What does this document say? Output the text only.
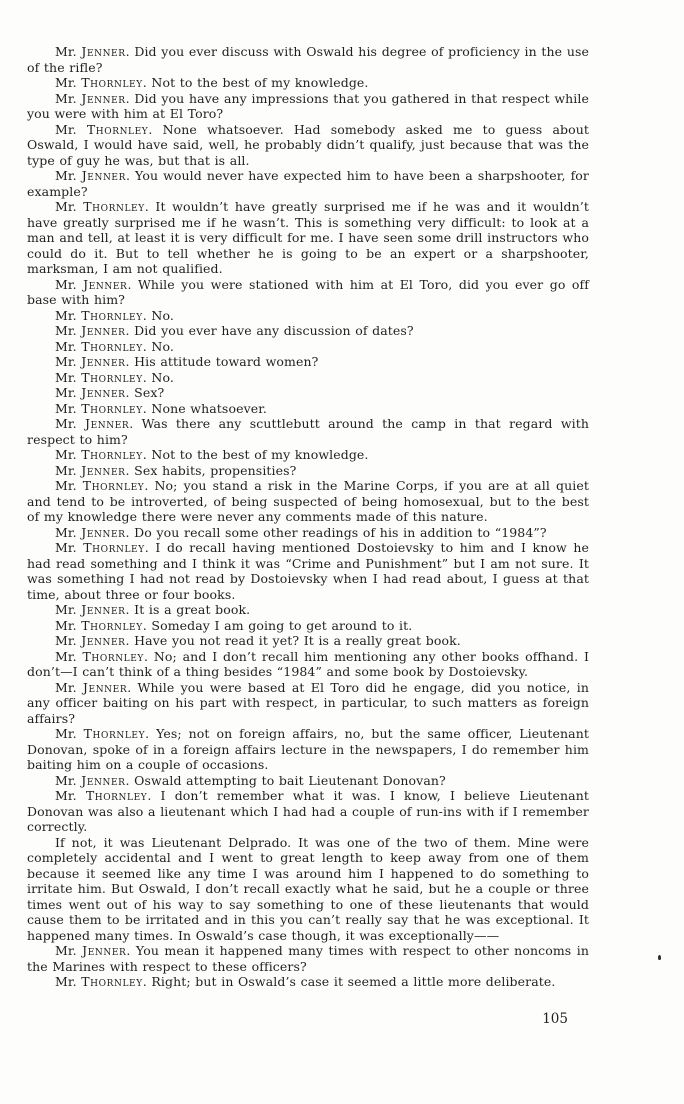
Mr. Jenner. Did you ever discuss with Oswald his degree of proficiency in the use of the rifle?

Mr. Thornley. Not to the best of my knowledge.

Mr. Jenner. Did you have any impressions that you gathered in that respect while you were with him at El Toro?

Mr. Thornley. None whatsoever. Had somebody asked me to guess about Oswald, I would have said, well, he probably didn’t qualify, just because that was the type of guy he was, but that is all.

Mr. Jenner. You would never have expected him to have been a sharpshooter, for example?

Mr. Thornley. It wouldn’t have greatly surprised me if he was and it wouldn’t have greatly surprised me if he wasn’t. This is something very difficult: to look at a man and tell, at least it is very difficult for me. I have seen some drill instructors who could do it. But to tell whether he is going to be an expert or a sharpshooter, marksman, I am not qualified.

Mr. Jenner. While you were stationed with him at El Toro, did you ever go off base with him?

Mr. Thornley. No.

Mr. Jenner. Did you ever have any discussion of dates?

Mr. Thornley. No.

Mr. Jenner. His attitude toward women?

Mr. Thornley. No.

Mr. Jenner. Sex?

Mr. Thornley. None whatsoever.

Mr. Jenner. Was there any scuttlebutt around the camp in that regard with respect to him?

Mr. Thornley. Not to the best of my knowledge.

Mr. Jenner. Sex habits, propensities?

Mr. Thornley. No; you stand a risk in the Marine Corps, if you are at all quiet and tend to be introverted, of being suspected of being homosexual, but to the best of my knowledge there were never any comments made of this nature.

Mr. Jenner. Do you recall some other readings of his in addition to “1984”?

Mr. Thornley. I do recall having mentioned Dostoievsky to him and I know he had read something and I think it was “Crime and Punishment” but I am not sure. It was something I had not read by Dostoievsky when I had read about, I guess at that time, about three or four books.

Mr. Jenner. It is a great book.

Mr. Thornley. Someday I am going to get around to it.

Mr. Jenner. Have you not read it yet? It is a really great book.

Mr. Thornley. No; and I don’t recall him mentioning any other books offhand. I don’t—I can’t think of a thing besides “1984” and some book by Dostoievsky.

Mr. Jenner. While you were based at El Toro did he engage, did you notice, in any officer baiting on his part with respect, in particular, to such matters as foreign affairs?

Mr. Thornley. Yes; not on foreign affairs, no, but the same officer, Lieutenant Donovan, spoke of in a foreign affairs lecture in the newspapers, I do remember him baiting him on a couple of occasions.

Mr. Jenner. Oswald attempting to bait Lieutenant Donovan?

Mr. Thornley. I don’t remember what it was. I know, I believe Lieutenant Donovan was also a lieutenant which I had had a couple of run-ins with if I remember correctly.

If not, it was Lieutenant Delprado. It was one of the two of them. Mine were completely accidental and I went to great length to keep away from one of them because it seemed like any time I was around him I happened to do something to irritate him. But Oswald, I don’t recall exactly what he said, but he a couple or three times went out of his way to say something to one of these lieutenants that would cause them to be irritated and in this you can’t really say that he was exceptional. It happened many times. In Oswald’s case though, it was exceptionally——

Mr. Jenner. You mean it happened many times with respect to other noncoms in the Marines with respect to these officers?

Mr. Thornley. Right; but in Oswald’s case it seemed a little more deliberate.

105
